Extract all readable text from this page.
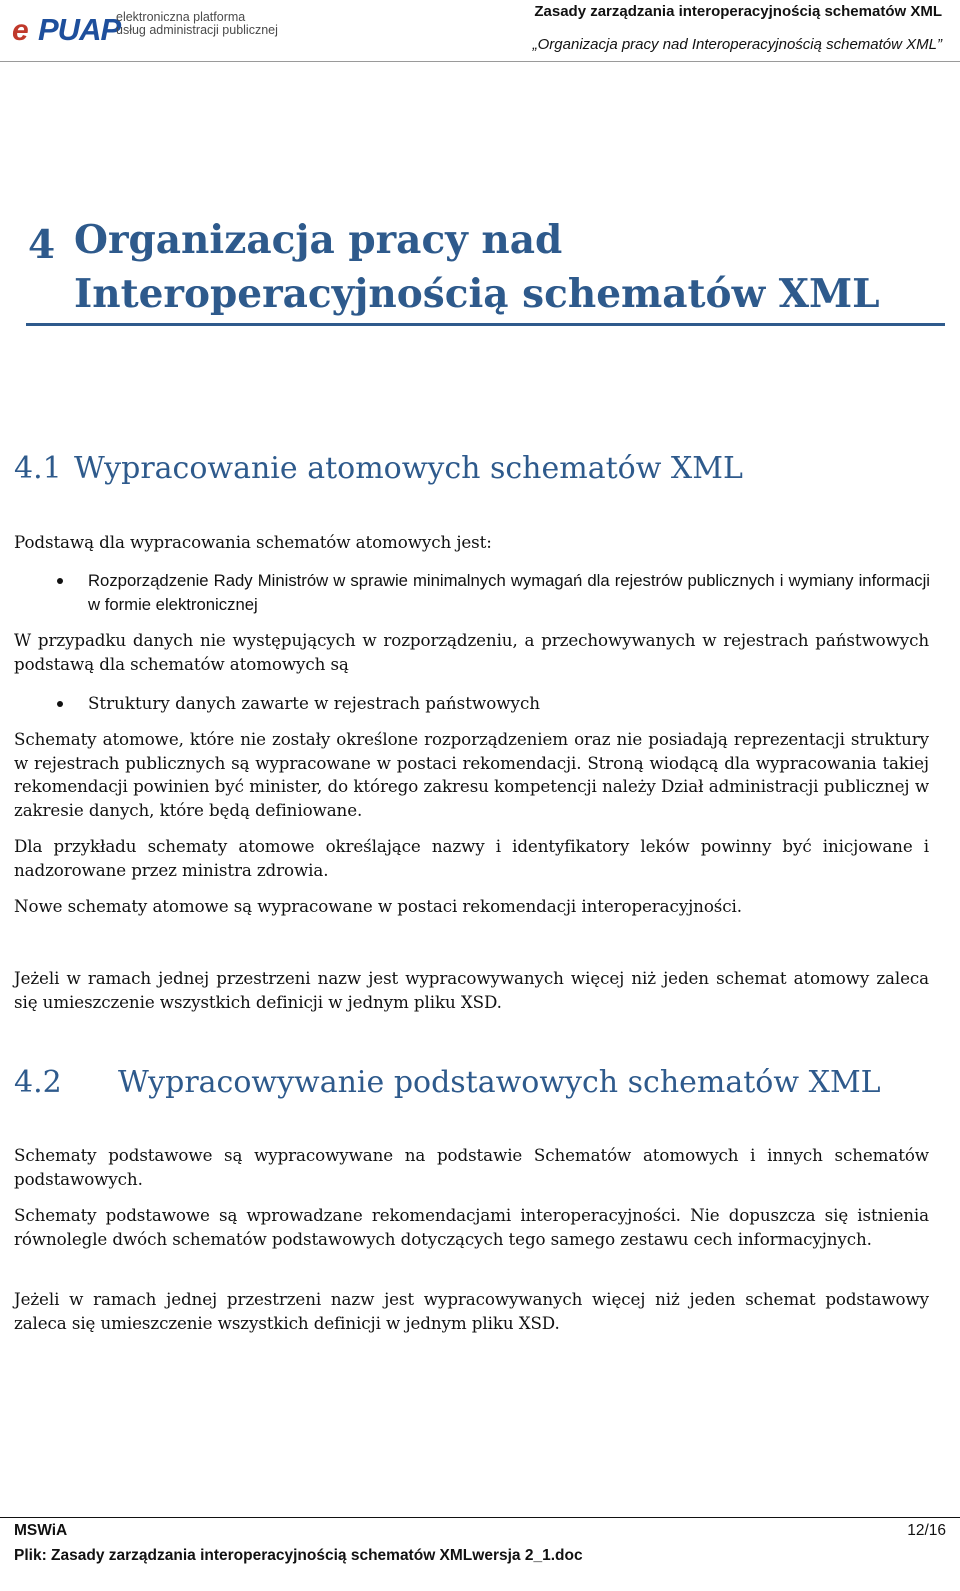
e PUAP
elektroniczna platforma
usług administracji publicznej
Zasady zarządzania interoperacyjnością schematów XML
„Organizacja pracy nad Interoperacyjnością schematów XML”
4 Organizacja pracy nad Interoperacyjnością schematów XML
4.1 Wypracowanie atomowych schematów XML
Podstawą dla wypracowania schematów atomowych jest:
Rozporządzenie Rady Ministrów w sprawie minimalnych wymagań dla rejestrów publicznych i wymiany informacji w formie elektronicznej
W przypadku danych nie występujących w rozporządzeniu, a przechowywanych w rejestrach państwowych podstawą dla schematów atomowych są
Struktury danych zawarte w rejestrach państwowych
Schematy atomowe, które nie zostały określone rozporządzeniem oraz nie posiadają reprezentacji struktury w rejestrach publicznych są wypracowane w postaci rekomendacji. Stroną wiodącą dla wypracowania takiej rekomendacji powinien być minister, do którego zakresu kompetencji należy Dział administracji publicznej w zakresie danych, które będą definiowane.
Dla przykładu schematy atomowe określające nazwy i identyfikatory leków powinny być inicjowane i nadzorowane przez ministra zdrowia.
Nowe schematy atomowe są wypracowane w postaci rekomendacji interoperacyjności.
Jeżeli w ramach jednej przestrzeni nazw jest wypracowywanych więcej niż jeden schemat atomowy zaleca się umieszczenie wszystkich definicji w jednym pliku XSD.
4.2 Wypracowywanie podstawowych schematów XML
Schematy podstawowe są wypracowywane na podstawie Schematów atomowych i innych schematów podstawowych.
Schematy podstawowe są wprowadzane rekomendacjami interoperacyjności. Nie dopuszcza się istnienia równolegle dwóch schematów podstawowych dotyczących tego samego zestawu cech informacyjnych.
Jeżeli w ramach jednej przestrzeni nazw jest wypracowywanych więcej niż jeden schemat podstawowy zaleca się umieszczenie wszystkich definicji w jednym pliku XSD.
MSWiA	12/16
Plik: Zasady zarządzania interoperacyjnością schematów XMLwersja 2_1.doc
